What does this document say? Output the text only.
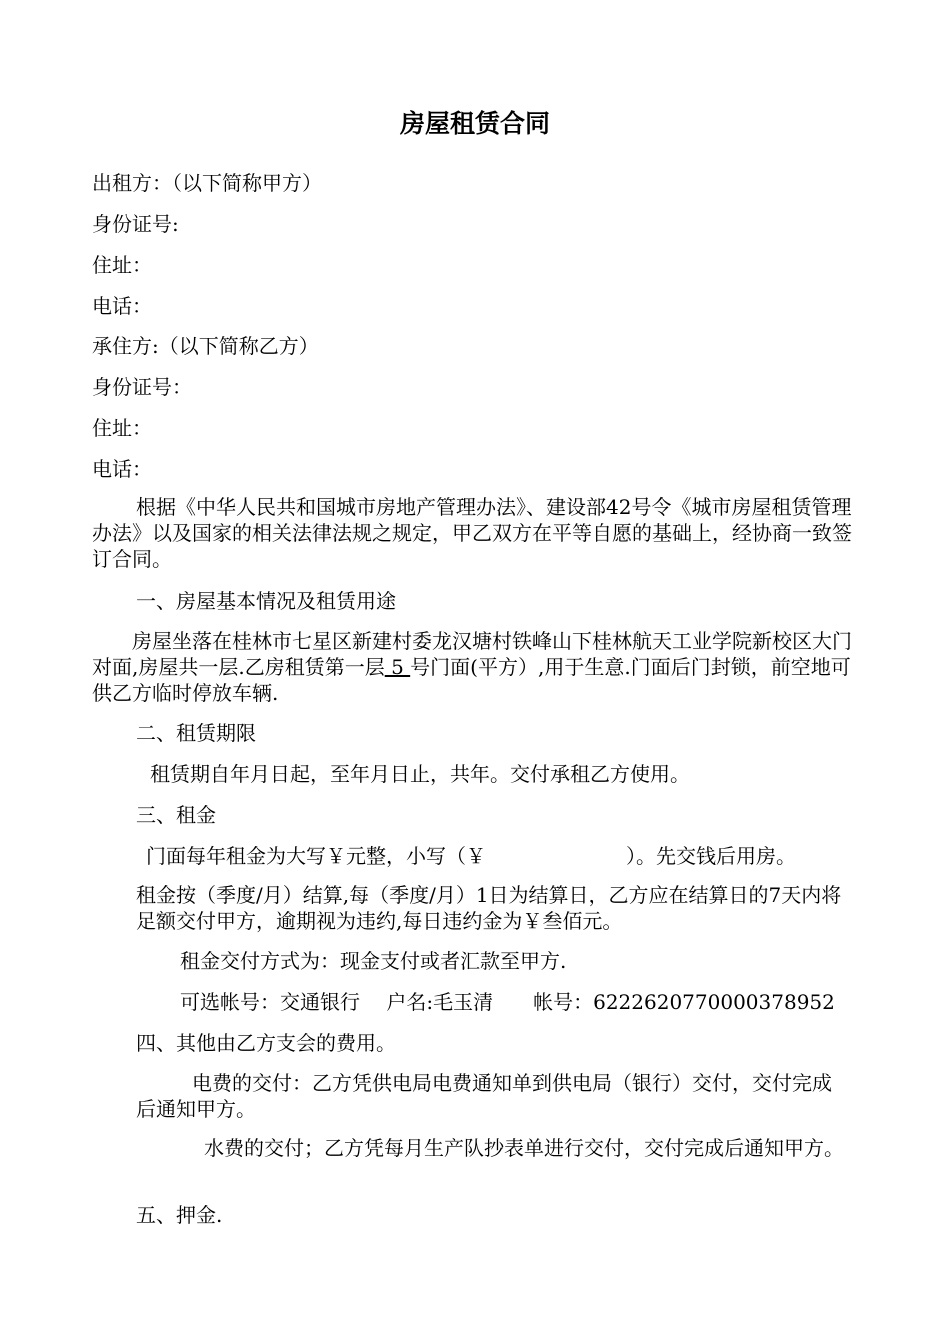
房屋租赁合同

出租方：（以下简称甲方）

身份证号:

住址：

电话：

承住方:（以下简称乙方）

身份证号：

住址：

电话：

根据《中华人民共和国城市房地产管理办法》、建设部42号令《城市房屋租赁管理办法》以及国家的相关法律法规之规定，甲乙双方在平等自愿的基础上，经协商一致签订合同。

一、房屋基本情况及租赁用途

房屋坐落在桂林市七星区新建村委龙汉塘村铁峰山下桂林航天工业学院新校区大门对面,房屋共一层.乙房租赁第一层 5 号门面(平方）,用于生意.门面后门封锁，前空地可供乙方临时停放车辆.

二、租赁期限

租赁期自年月日起，至年月日止，共年。交付承租乙方使用。

三、租金

门面每年租金为大写￥元整，小写（￥	）。先交钱后用房。

租金按（季度/月）结算,每（季度/月）1日为结算日，乙方应在结算日的7天内将足额交付甲方，逾期视为违约,每日违约金为￥叁佰元。

租金交付方式为：现金支付或者汇款至甲方.

可选帐号：交通银行　 户名:毛玉清　　帐号：6222620770000378952

四、其他由乙方支会的费用。

电费的交付：乙方凭供电局电费通知单到供电局（银行）交付，交付完成后通知甲方。

水费的交付；乙方凭每月生产队抄表单进行交付，交付完成后通知甲方。

五、押金.
